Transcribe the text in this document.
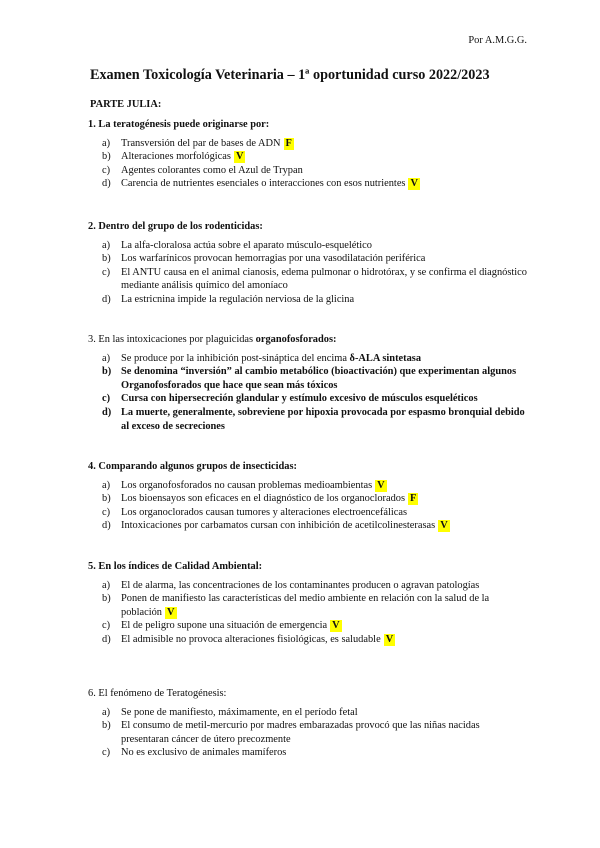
Por A.M.G.G.
Examen Toxicología Veterinaria – 1ª oportunidad curso 2022/2023
PARTE JULIA:
1. La teratogénesis puede originarse por:
a)	Transversión del par de bases de ADN F
b) Alteraciones morfológicas V
c)	Agentes colorantes como el Azul de Trypan
d) Carencia de nutrientes esenciales o interacciones con esos nutrientes V
2. Dentro del grupo de los rodenticidas:
a)	La alfa-cloralosa actúa sobre el aparato músculo-esquelético
b) Los warfarínicos provocan hemorragias por una vasodilatación periférica
c)	El ANTU causa en el animal cianosis, edema pulmonar o hidrotórax, y se confirma el diagnóstico mediante análisis químico del amoníaco
d) La estricnina impide la regulación nerviosa de la glicina
3. En las intoxicaciones por plaguicidas organofosforados:
a)	Se produce por la inhibición post-sináptica del encima δ-ALA sintetasa
b) Se denomina “inversión” al cambio metabólico (bioactivación) que experimentan algunos Organofosforados que hace que sean más tóxicos
c)	Cursa con hipersecreción glandular y estímulo excesivo de músculos esqueléticos
d) La muerte, generalmente, sobreviene por hipoxia provocada por espasmo bronquial debido al exceso de secreciones
4. Comparando algunos grupos de insecticidas:
a)	Los organofosforados no causan problemas medioambientas V
b) Los bioensayos son eficaces en el diagnóstico de los organoclorados F
c)	Los organoclorados causan tumores y alteraciones electroencefálicas
d) Intoxicaciones por carbamatos cursan con inhibición de acetilcolinesterasas V
5. En los índices de Calidad Ambiental:
a)	El de alarma, las concentraciones de los contaminantes producen o agravan patologías
b) Ponen de manifiesto las características del medio ambiente en relación con la salud de la población V
c)	El de peligro supone una situación de emergencia V
d) El admisible no provoca alteraciones fisiológicas, es saludable V
6. El fenómeno de Teratogénesis:
a)	Se pone de manifiesto, máximamente, en el período fetal
b) El consumo de metil-mercurio por madres embarazadas provocó que las niñas nacidas presentaran cáncer de útero precozmente
c)	No es exclusivo de animales mamíferos
